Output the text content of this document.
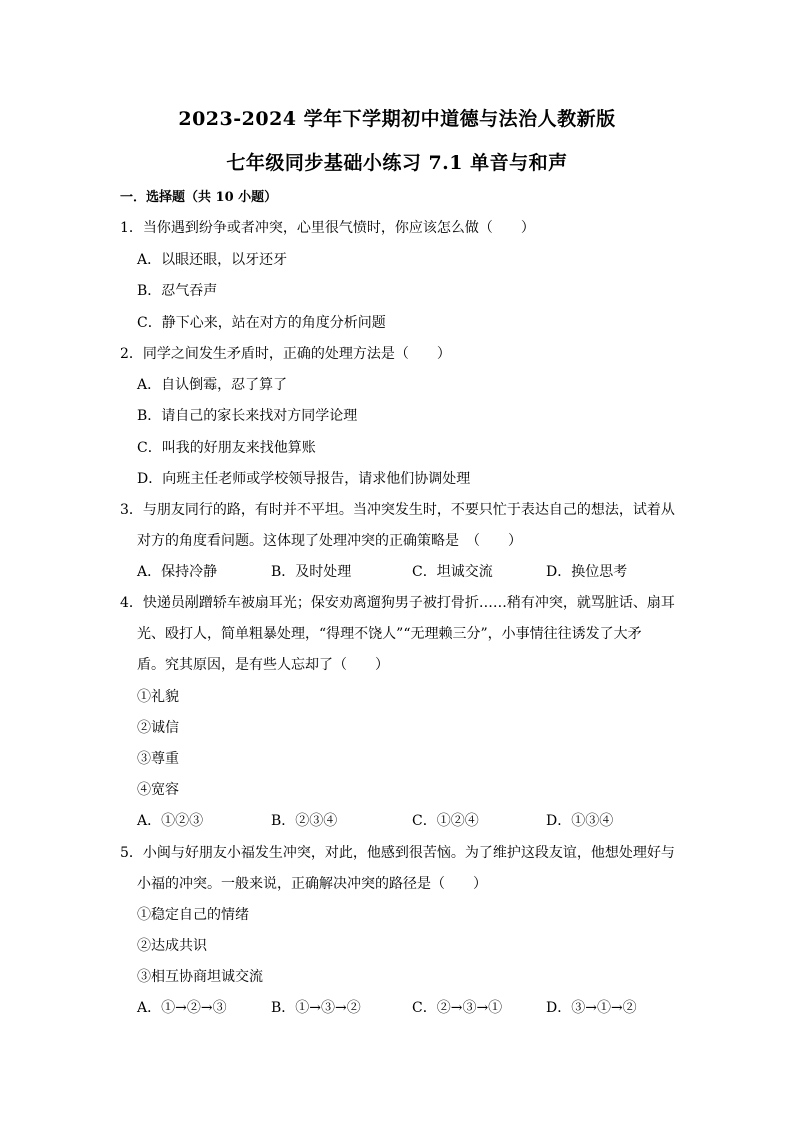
2023-2024 学年下学期初中道德与法治人教新版
七年级同步基础小练习 7.1 单音与和声
一．选择题（共 10 小题）
1．当你遇到纷争或者冲突，心里很气愤时，你应该怎么做（　　）
A．以眼还眼，以牙还牙
B．忍气吞声
C．静下心来，站在对方的角度分析问题
2．同学之间发生矛盾时，正确的处理方法是（　　）
A．自认倒霉，忍了算了
B．请自己的家长来找对方同学论理
C．叫我的好朋友来找他算账
D．向班主任老师或学校领导报告，请求他们协调处理
3．与朋友同行的路，有时并不平坦。当冲突发生时，不要只忙于表达自己的想法，试着从
对方的角度看问题。这体现了处理冲突的正确策略是　（　　）
A．保持冷静	B．及时处理	C．坦诚交流	D．换位思考
4．快递员剐蹭轿车被扇耳光；保安劝离遛狗男子被打骨折……稍有冲突，就骂脏话、扇耳
光、殴打人，简单粗暴处理，“得理不饶人”“无理赖三分”，小事情往往诱发了大矛
盾。究其原因，是有些人忘却了（　　）
①礼貌
②诚信
③尊重
④宽容
A．①②③	B．②③④	C．①②④	D．①③④
5．小闽与好朋友小福发生冲突，对此，他感到很苦恼。为了维护这段友谊，他想处理好与
小福的冲突。一般来说，正确解决冲突的路径是（　　）
①稳定自己的情绪
②达成共识
③相互协商坦诚交流
A．①→②→③	B．①→③→②	C．②→③→①	D．③→①→②
